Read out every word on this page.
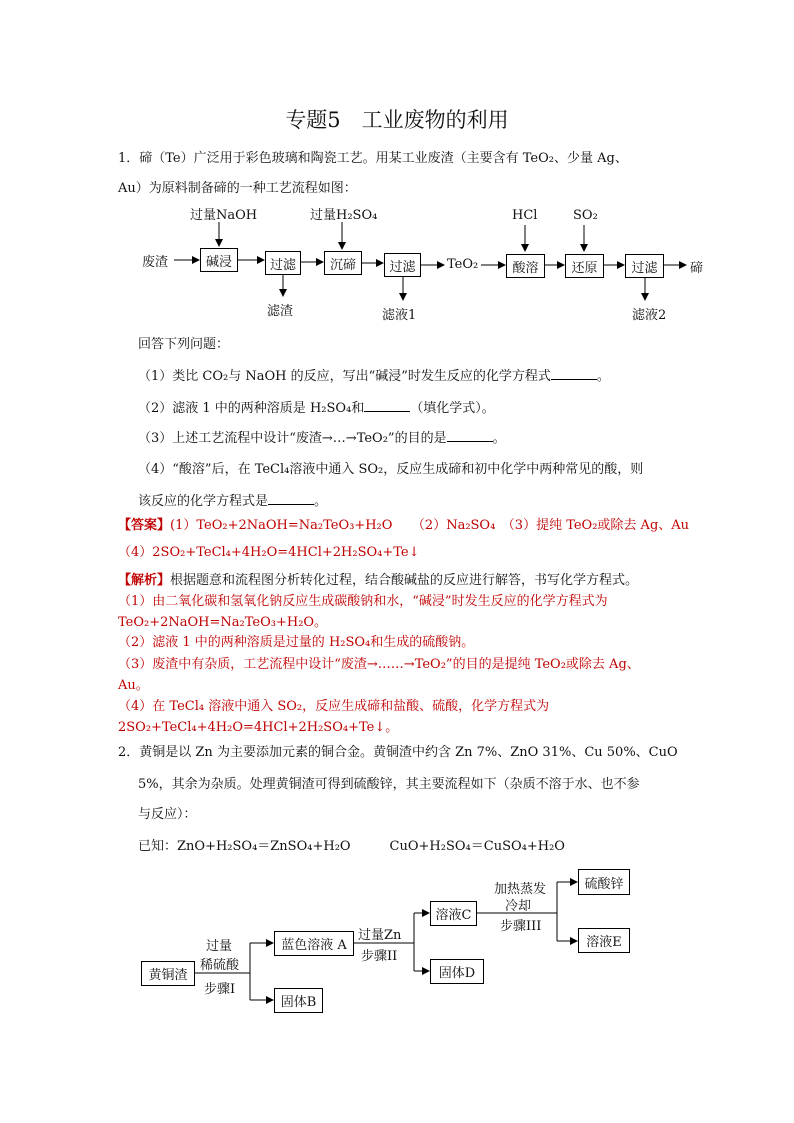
专题5　工业废物的利用
1．碲（Te）广泛用于彩色玻璃和陶瓷工艺。用某工业废渣（主要含有 TeO₂、少量 Ag、
Au）为原料制备碲的一种工艺流程如图：
过量NaOH	过量H₂SO₄	HCl	SO₂
废渣	碱浸	过滤	沉碲	过滤	TeO₂	酸溶	还原	过滤	碲
滤渣	滤液1	滤液2
回答下列问题：
（1）类比 CO₂与 NaOH 的反应，写出“碱浸”时发生反应的化学方程式	。
（2）滤液 1 中的两种溶质是 H₂SO₄和	（填化学式）。
（3）上述工艺流程中设计“废渣→…→TeO₂”的目的是	。
（4）“酸溶”后，在 TeCl₄溶液中通入 SO₂，反应生成碲和初中化学中两种常见的酸，则
该反应的化学方程式是	。
【答案】(1）TeO₂+2NaOH=Na₂TeO₃+H₂O　　（2）Na₂SO₄　（3）提纯 TeO₂或除去 Ag、Au
（4）2SO₂+TeCl₄+4H₂O=4HCl+2H₂SO₄+Te↓
【解析】根据题意和流程图分析转化过程，结合酸碱盐的反应进行解答，书写化学方程式。
（1）由二氧化碳和氢氧化钠反应生成碳酸钠和水，“碱浸”时发生反应的化学方程式为
TeO₂+2NaOH=Na₂TeO₃+H₂O。
（2）滤液 1 中的两种溶质是过量的 H₂SO₄和生成的硫酸钠。
（3）废渣中有杂质，工艺流程中设计“废渣→……→TeO₂”的目的是提纯 TeO₂或除去 Ag、
Au。
（4）在 TeCl₄ 溶液中通入 SO₂，反应生成碲和盐酸、硫酸，化学方程式为
2SO₂+TeCl₄+4H₂O=4HCl+2H₂SO₄+Te↓。
2．黄铜是以 Zn 为主要添加元素的铜合金。黄铜渣中约含 Zn 7%、ZnO 31%、Cu 50%、CuO
5%，其余为杂质。处理黄铜渣可得到硫酸锌，其主要流程如下（杂质不溶于水、也不参
与反应）：
已知：ZnO+H₂SO₄＝ZnSO₄+H₂O　　　CuO+H₂SO₄＝CuSO₄+H₂O
黄铜渣
过量
稀硫酸
步骤I
蓝色溶液 A
固体B
过量Zn
步骤II
溶液C
固体D
加热蒸发
冷却
步骤III
硫酸锌
溶液E
